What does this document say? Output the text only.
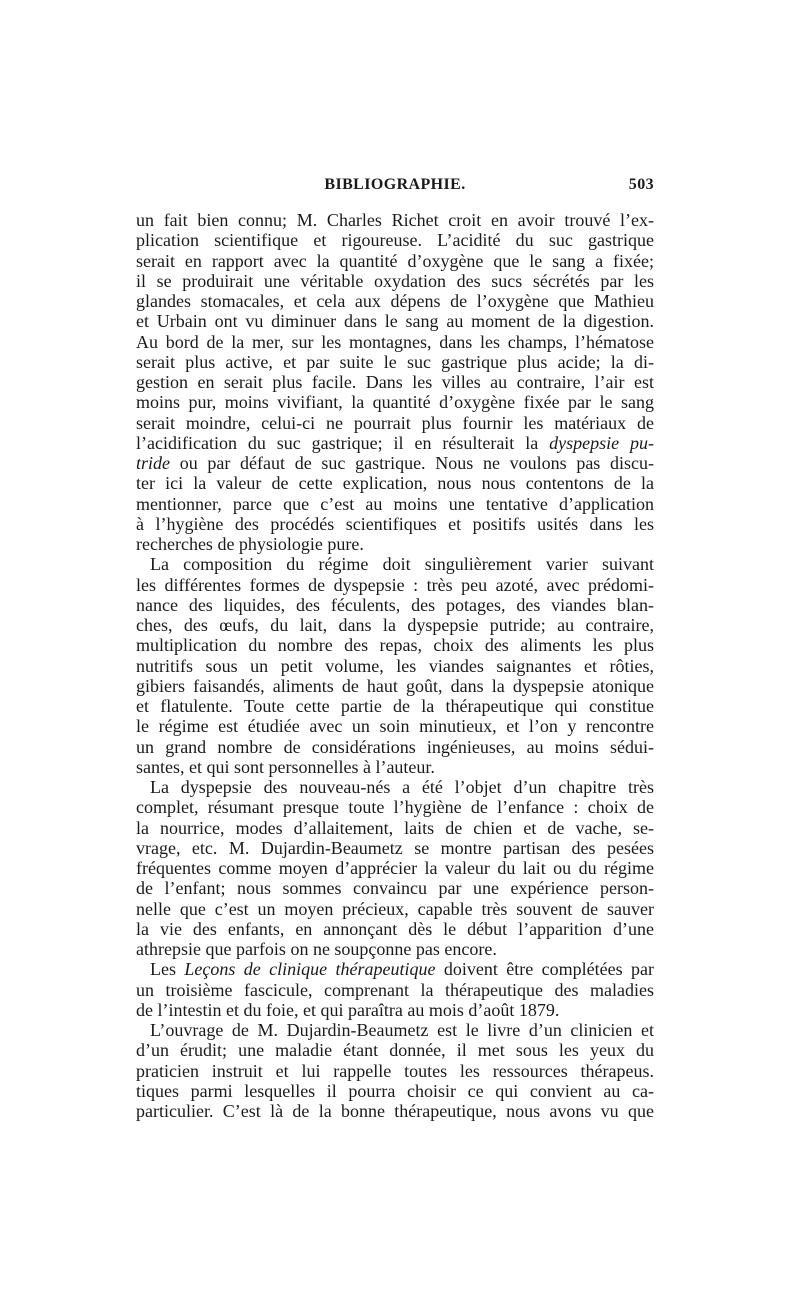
BIBLIOGRAPHIE.	503
un fait bien connu; M. Charles Richet croit en avoir trouvé l’ex-
plication scientifique et rigoureuse. L’acidité du suc gastrique
serait en rapport avec la quantité d’oxygène que le sang a fixée;
il se produirait une véritable oxydation des sucs sécrétés par les
glandes stomacales, et cela aux dépens de l’oxygène que Mathieu
et Urbain ont vu diminuer dans le sang au moment de la digestion.
Au bord de la mer, sur les montagnes, dans les champs, l’hématose
serait plus active, et par suite le suc gastrique plus acide; la di-
gestion en serait plus facile. Dans les villes au contraire, l’air est
moins pur, moins vivifiant, la quantité d’oxygène fixée par le sang
serait moindre, celui-ci ne pourrait plus fournir les matériaux de
l’acidification du suc gastrique; il en résulterait la dyspepsie pu-
tride ou par défaut de suc gastrique. Nous ne voulons pas discu-
ter ici la valeur de cette explication, nous nous contentons de la
mentionner, parce que c’est au moins une tentative d’application
à l’hygiène des procédés scientifiques et positifs usités dans les
recherches de physiologie pure.
La composition du régime doit singulièrement varier suivant
les différentes formes de dyspepsie : très peu azoté, avec prédomi-
nance des liquides, des féculents, des potages, des viandes blan-
ches, des œufs, du lait, dans la dyspepsie putride; au contraire,
multiplication du nombre des repas, choix des aliments les plus
nutritifs sous un petit volume, les viandes saignantes et rôties,
gibiers faisandés, aliments de haut goût, dans la dyspepsie atonique
et flatulente. Toute cette partie de la thérapeutique qui constitue
le régime est étudiée avec un soin minutieux, et l’on y rencontre
un grand nombre de considérations ingénieuses, au moins sédui-
santes, et qui sont personnelles à l’auteur.
La dyspepsie des nouveau-nés a été l’objet d’un chapitre très
complet, résumant presque toute l’hygiène de l’enfance : choix de
la nourrice, modes d’allaitement, laits de chien et de vache, se-
vrage, etc. M. Dujardin-Beaumetz se montre partisan des pesées
fréquentes comme moyen d’apprécier la valeur du lait ou du régime
de l’enfant; nous sommes convaincu par une expérience person-
nelle que c’est un moyen précieux, capable très souvent de sauver
la vie des enfants, en annonçant dès le début l’apparition d’une
athrepsie que parfois on ne soupçonne pas encore.
Les Leçons de clinique thérapeutique doivent être complétées par
un troisième fascicule, comprenant la thérapeutique des maladies
de l’intestin et du foie, et qui paraîtra au mois d’août 1879.
L’ouvrage de M. Dujardin-Beaumetz est le livre d’un clinicien et
d’un érudit; une maladie étant donnée, il met sous les yeux du
praticien instruit et lui rappelle toutes les ressources thérapeus.
tiques parmi lesquelles il pourra choisir ce qui convient au ca-
particulier. C’est là de la bonne thérapeutique, nous avons vu que
